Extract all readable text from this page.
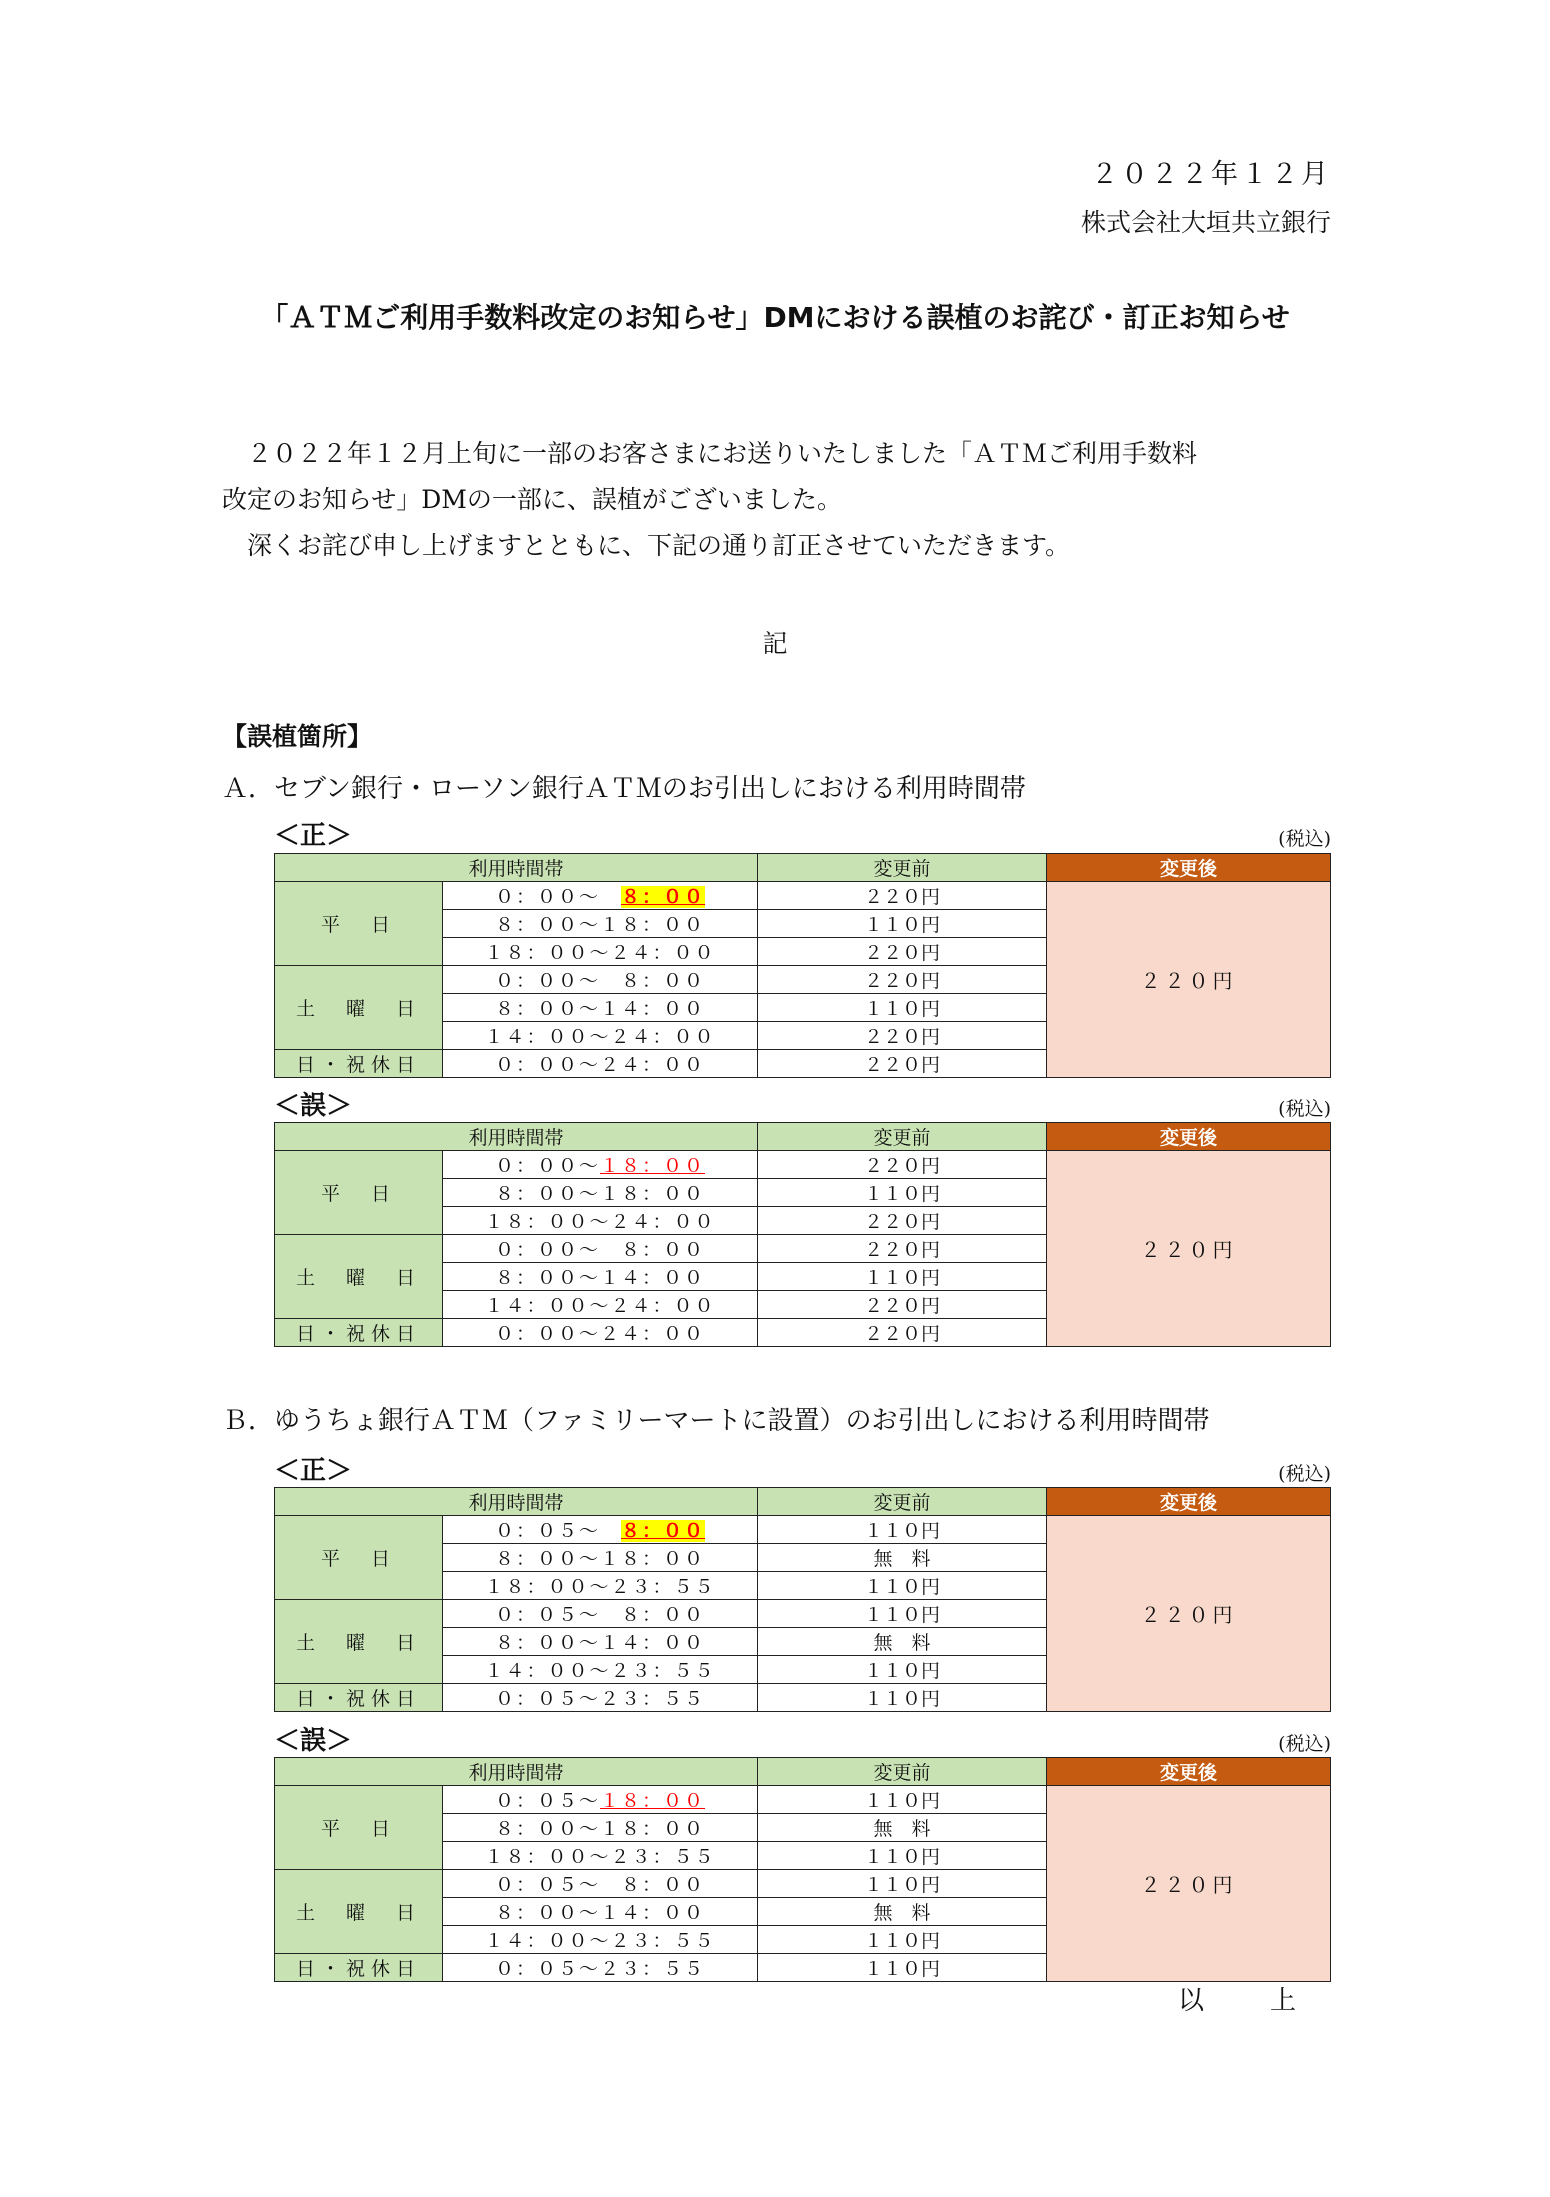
２０２２年１２月
株式会社大垣共立銀行
「ＡＴＭご利用手数料改定のお知らせ」DMにおける誤植のお詫び・訂正お知らせ
２０２２年１２月上旬に一部のお客さまにお送りいたしました「ＡＴＭご利用手数料
改定のお知らせ」DMの一部に、誤植がございました。
深くお詫び申し上げますとともに、下記の通り訂正させていただきます。
記
【誤植箇所】
Ａ．セブン銀行・ローソン銀行ＡＴＭのお引出しにおける利用時間帯
＜正＞	(税込)
利用時間帯		変更前	変更後
平　日	０：００～　８：００	２２０円	２２０円
	８：００～１８：００	１１０円	
	１８：００～２４：００	２２０円	
土　曜　日	０：００～　８：００	２２０円	
	８：００～１４：００	１１０円	
	１４：００～２４：００	２２０円	
日・祝休日	０：００～２４：００	２２０円	
＜誤＞	(税込)
利用時間帯		変更前	変更後
平　日	０：００～１８：００	２２０円	２２０円
	８：００～１８：００	１１０円	
	１８：００～２４：００	２２０円	
土　曜　日	０：００～　８：００	２２０円	
	８：００～１４：００	１１０円	
	１４：００～２４：００	２２０円	
日・祝休日	０：００～２４：００	２２０円	
Ｂ．ゆうちょ銀行ＡＴＭ（ファミリーマートに設置）のお引出しにおける利用時間帯
＜正＞	(税込)
利用時間帯		変更前	変更後
平　日	０：０５～　８：００	１１０円	２２０円
	８：００～１８：００	無　料	
	１８：００～２３：５５	１１０円	
土　曜　日	０：０５～　８：００	１１０円	
	８：００～１４：００	無　料	
	１４：００～２３：５５	１１０円	
日・祝休日	０：０５～２３：５５	１１０円	
＜誤＞	(税込)
利用時間帯		変更前	変更後
平　日	０：０５～１８：００	１１０円	２２０円
	８：００～１８：００	無　料	
	１８：００～２３：５５	１１０円	
土　曜　日	０：０５～　８：００	１１０円	
	８：００～１４：００	無　料	
	１４：００～２３：５５	１１０円	
日・祝休日	０：０５～２３：５５	１１０円	
以　上
